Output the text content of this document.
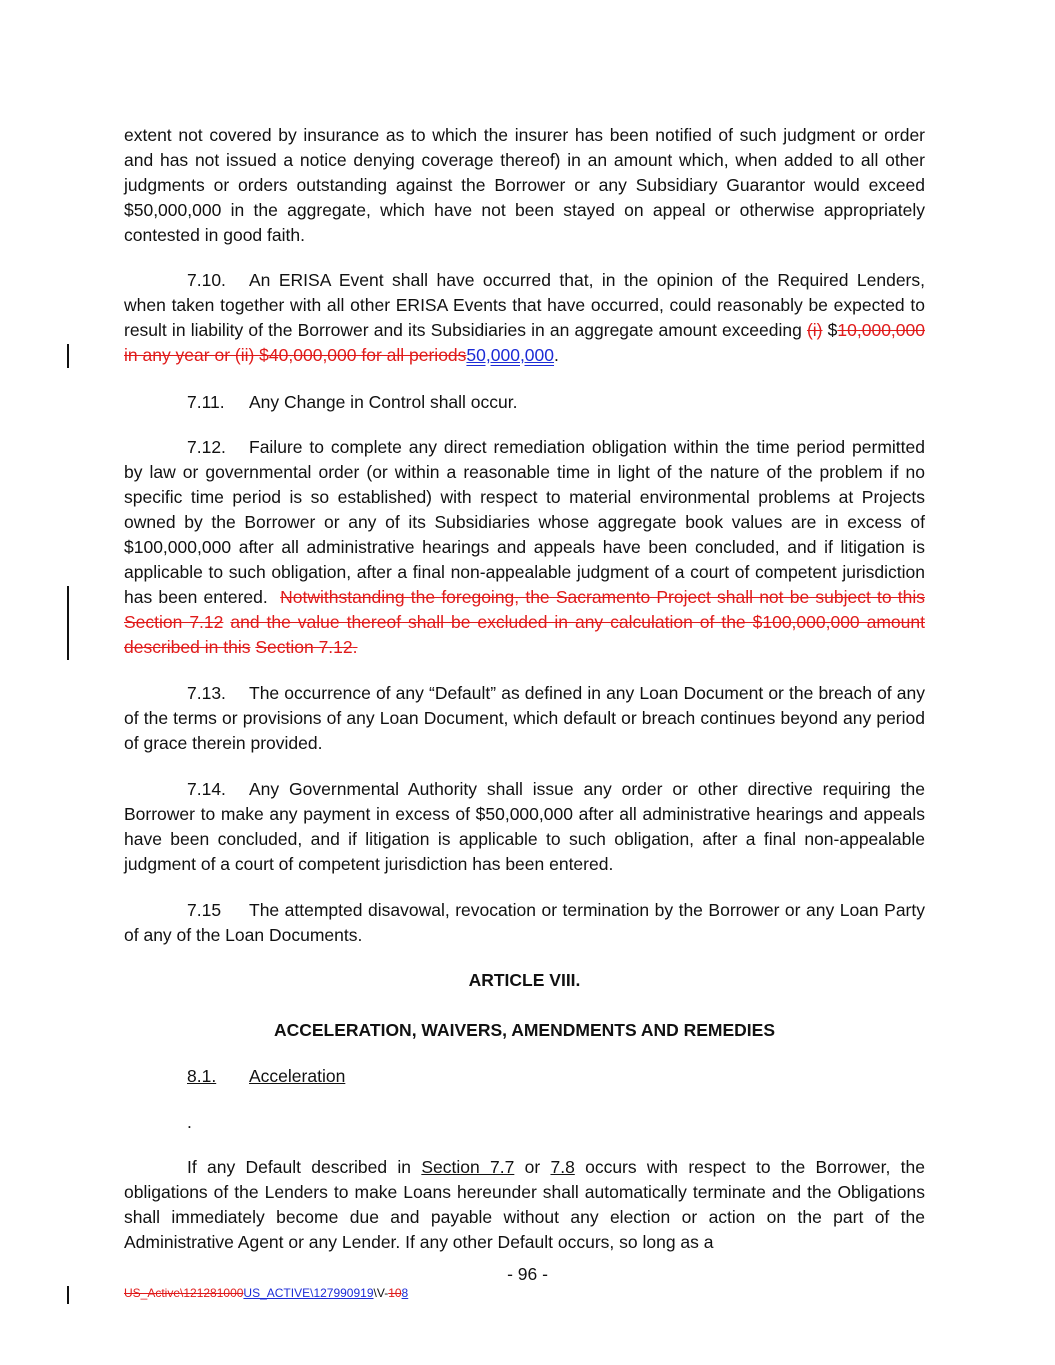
extent not covered by insurance as to which the insurer has been notified of such judgment or order and has not issued a notice denying coverage thereof) in an amount which, when added to all other judgments or orders outstanding against the Borrower or any Subsidiary Guarantor would exceed $50,000,000 in the aggregate, which have not been stayed on appeal or otherwise appropriately contested in good faith.

7.10. An ERISA Event shall have occurred that, in the opinion of the Required Lenders, when taken together with all other ERISA Events that have occurred, could reasonably be expected to result in liability of the Borrower and its Subsidiaries in an aggregate amount exceeding (i) $10,000,000 in any year or (ii) $40,000,000 for all periods50,000,000.

7.11. Any Change in Control shall occur.

7.12. Failure to complete any direct remediation obligation within the time period permitted by law or governmental order (or within a reasonable time in light of the nature of the problem if no specific time period is so established) with respect to material environmental problems at Projects owned by the Borrower or any of its Subsidiaries whose aggregate book values are in excess of $100,000,000 after all administrative hearings and appeals have been concluded, and if litigation is applicable to such obligation, after a final non-appealable judgment of a court of competent jurisdiction has been entered. Notwithstanding the foregoing, the Sacramento Project shall not be subject to this Section 7.12 and the value thereof shall be excluded in any calculation of the $100,000,000 amount described in this Section 7.12.

7.13. The occurrence of any “Default” as defined in any Loan Document or the breach of any of the terms or provisions of any Loan Document, which default or breach continues beyond any period of grace therein provided.

7.14. Any Governmental Authority shall issue any order or other directive requiring the Borrower to make any payment in excess of $50,000,000 after all administrative hearings and appeals have been concluded, and if litigation is applicable to such obligation, after a final non-appealable judgment of a court of competent jurisdiction has been entered.

7.15 The attempted disavowal, revocation or termination by the Borrower or any Loan Party of any of the Loan Documents.

ARTICLE VIII.
ACCELERATION, WAIVERS, AMENDMENTS AND REMEDIES

8.1. Acceleration

.

If any Default described in Section 7.7 or 7.8 occurs with respect to the Borrower, the obligations of the Lenders to make Loans hereunder shall automatically terminate and the Obligations shall immediately become due and payable without any election or action on the part of the Administrative Agent or any Lender. If any other Default occurs, so long as a

- 96 -
US_Active\121281000US_ACTIVE\127990919\V-108
